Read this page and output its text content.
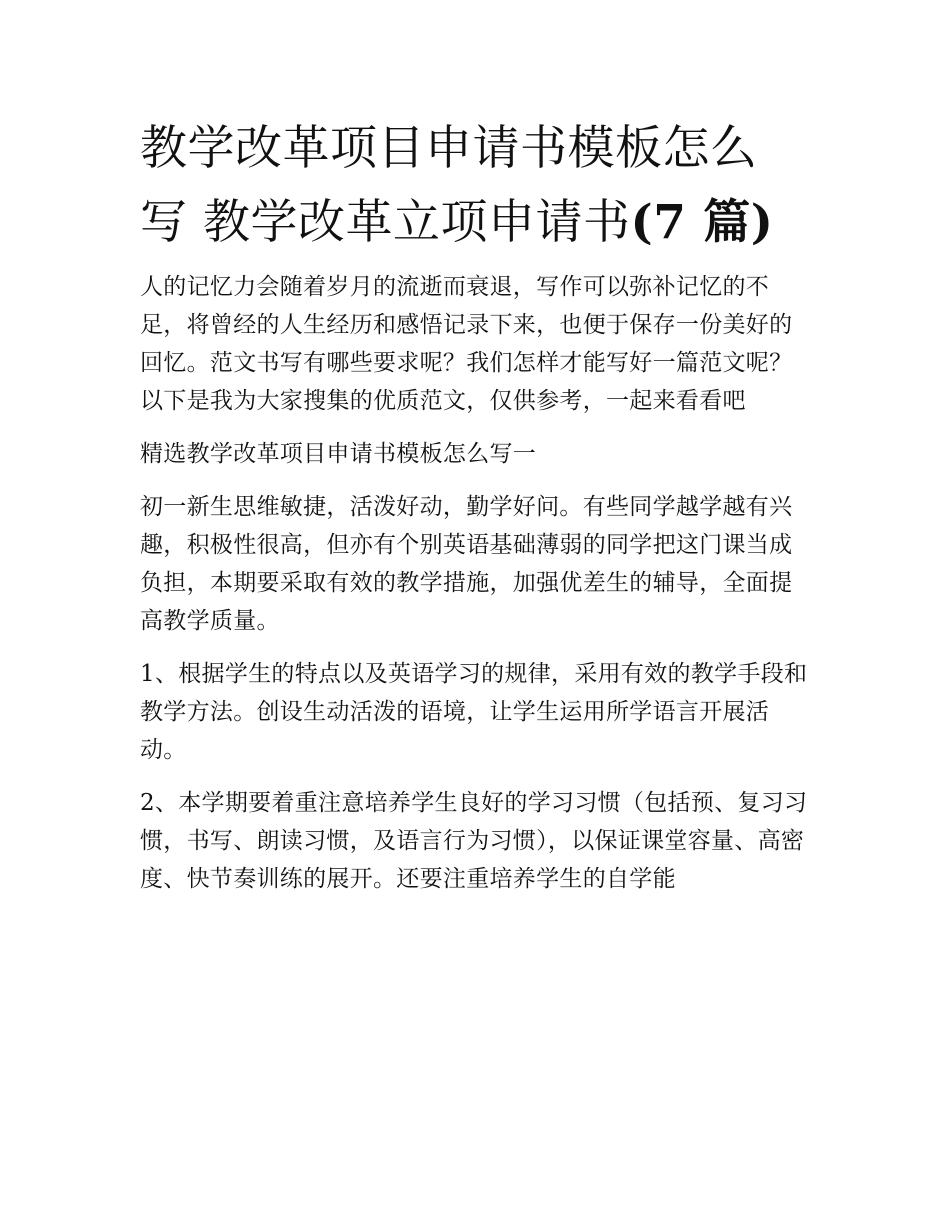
教学改革项目申请书模板怎么
写 教学改革立项申请书(7 篇)

人的记忆力会随着岁月的流逝而衰退，写作可以弥补记忆的不足，将曾经的人生经历和感悟记录下来，也便于保存一份美好的回忆。范文书写有哪些要求呢？我们怎样才能写好一篇范文呢？以下是我为大家搜集的优质范文，仅供参考，一起来看看吧

精选教学改革项目申请书模板怎么写一

初一新生思维敏捷，活泼好动，勤学好问。有些同学越学越有兴趣，积极性很高，但亦有个别英语基础薄弱的同学把这门课当成负担，本期要采取有效的教学措施，加强优差生的辅导，全面提高教学质量。

1、根据学生的特点以及英语学习的规律，采用有效的教学手段和教学方法。创设生动活泼的语境，让学生运用所学语言开展活动。

2、本学期要着重注意培养学生良好的学习习惯（包括预、复习习惯，书写、朗读习惯，及语言行为习惯），以保证课堂容量、高密度、快节奏训练的展开。还要注重培养学生的自学能
